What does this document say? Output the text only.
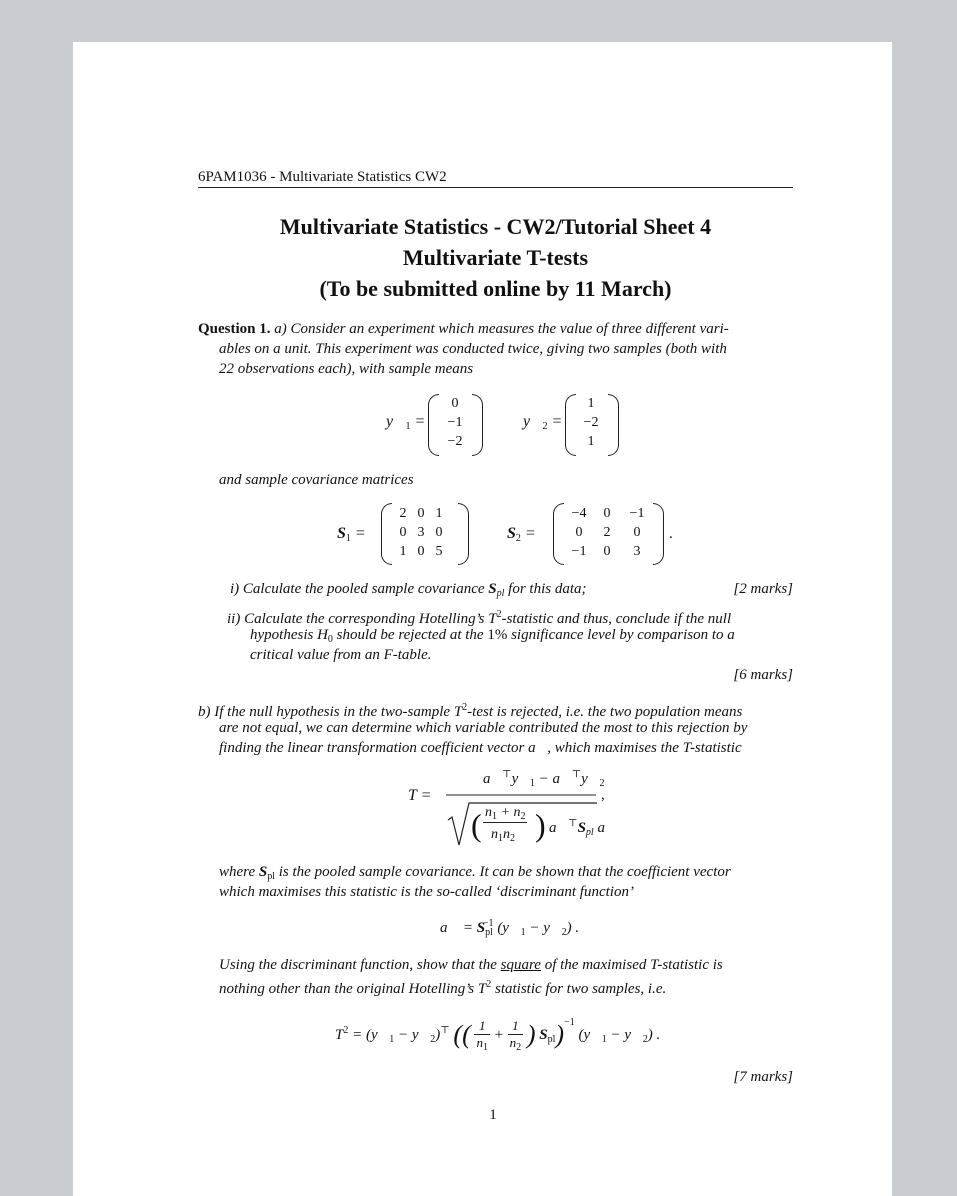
6PAM1036 - Multivariate Statistics CW2
Multivariate Statistics - CW2/Tutorial Sheet 4
Multivariate T-tests
(To be submitted online by 11 March)
Question 1. a) Consider an experiment which measures the value of three different vari-
ables on a unit. This experiment was conducted twice, giving two samples (both with
22 observations each), with sample means
$y⃗_1$ =
0
−1
−2
$y⃗_2$ =
1
−2
1
and sample covariance matrices
$S_1$ =
2 0 1
0 3 0
1 0 5
$S_2$ =
−4	0	−1
0	2	0
−1	0	3
.
i) Calculate the pooled sample covariance $S_{pl}$ for this data;	[2 marks]
ii) Calculate the corresponding Hotelling’s $T^2$-statistic and thus, conclude if the null
hypothesis $H_0$ should be rejected at the 1% significance level by comparison to a
critical value from an F-table.
[6 marks]
b) If the null hypothesis in the two-sample $T^2$-test is rejected, i.e. the two population means
are not equal, we can determine which variable contributed the most to this rejection by
finding the linear transformation coefficient vector a⃗, which maximises the T-statistic
T =
$a⃗^⊤y⃗_1$ − $a⃗^⊤y⃗_2$
( $n_1 + n_2$
$n_1n_2$ ) $a⃗^⊤S_{pl}$ a⃗
,
where $S_{pl}$ is the pooled sample covariance. It can be shown that the coefficient vector
which maximises this statistic is the so-called ‘discriminant function’
a⃗ = $S_{pl}^{-1}$ ($y⃗_1$ − $y⃗_2$) .
Using the discriminant function, show that the square of the maximised T-statistic is
nothing other than the original Hotelling’s $T^2$ statistic for two samples, i.e.
$T^2$ = ($y⃗_1$ − $y⃗_2)^⊤$ (( $\frac{1}{n_1} + \frac{1}{n_2}$ ) $S_{pl})^{-1}$ ($y⃗_1$ − $y⃗_2$) .
[7 marks]
1
